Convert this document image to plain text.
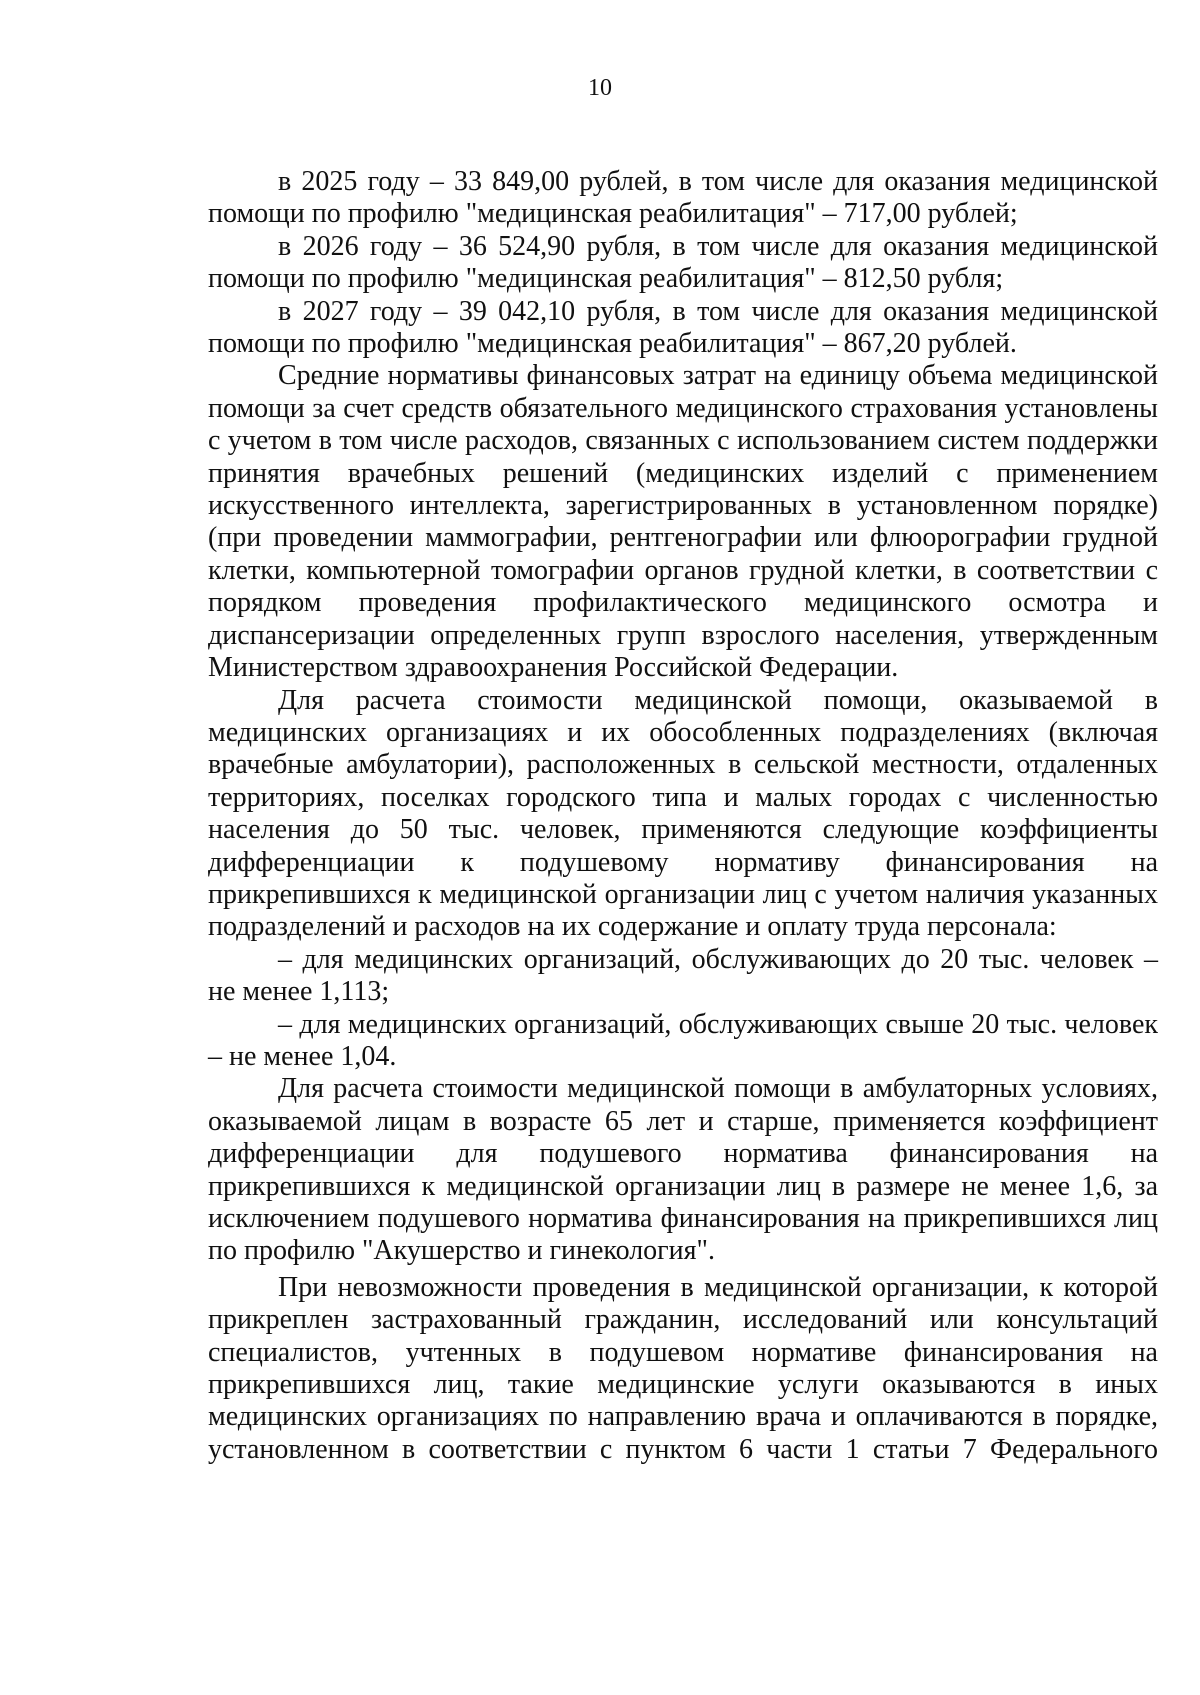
10

в 2025 году – 33 849,00 рублей, в том числе для оказания медицинской помощи по профилю "медицинская реабилитация" – 717,00 рублей;

в 2026 году – 36 524,90 рубля, в том числе для оказания медицинской помощи по профилю "медицинская реабилитация" – 812,50 рубля;

в 2027 году – 39 042,10 рубля, в том числе для оказания медицинской помощи по профилю "медицинская реабилитация" – 867,20 рублей.

Средние нормативы финансовых затрат на единицу объема медицинской помощи за счет средств обязательного медицинского страхования установлены с учетом в том числе расходов, связанных с использованием систем поддержки принятия врачебных решений (медицинских изделий с применением искусственного интеллекта, зарегистрированных в установленном порядке) (при проведении маммографии, рентгенографии или флюорографии грудной клетки, компьютерной томографии органов грудной клетки, в соответствии с порядком проведения профилактического медицинского осмотра и диспансеризации определенных групп взрослого населения, утвержденным Министерством здравоохранения Российской Федерации.

Для расчета стоимости медицинской помощи, оказываемой в медицинских организациях и их обособленных подразделениях (включая врачебные амбулатории), расположенных в сельской местности, отдаленных территориях, поселках городского типа и малых городах с численностью населения до 50 тыс. человек, применяются следующие коэффициенты дифференциации к подушевому нормативу финансирования на прикрепившихся к медицинской организации лиц с учетом наличия указанных подразделений и расходов на их содержание и оплату труда персонала:

– для медицинских организаций, обслуживающих до 20 тыс. человек – не менее 1,113;

– для медицинских организаций, обслуживающих свыше 20 тыс. человек – не менее 1,04.

Для расчета стоимости медицинской помощи в амбулаторных условиях, оказываемой лицам в возрасте 65 лет и старше, применяется коэффициент дифференциации для подушевого норматива финансирования на прикрепившихся к медицинской организации лиц в размере не менее 1,6, за исключением подушевого норматива финансирования на прикрепившихся лиц по профилю "Акушерство и гинекология".

При невозможности проведения в медицинской организации, к которой прикреплен застрахованный гражданин, исследований или консультаций специалистов, учтенных в подушевом нормативе финансирования на прикрепившихся лиц, такие медицинские услуги оказываются в иных медицинских организациях по направлению врача и оплачиваются в порядке, установленном в соответствии с пунктом 6 части 1 статьи 7 Федерального
